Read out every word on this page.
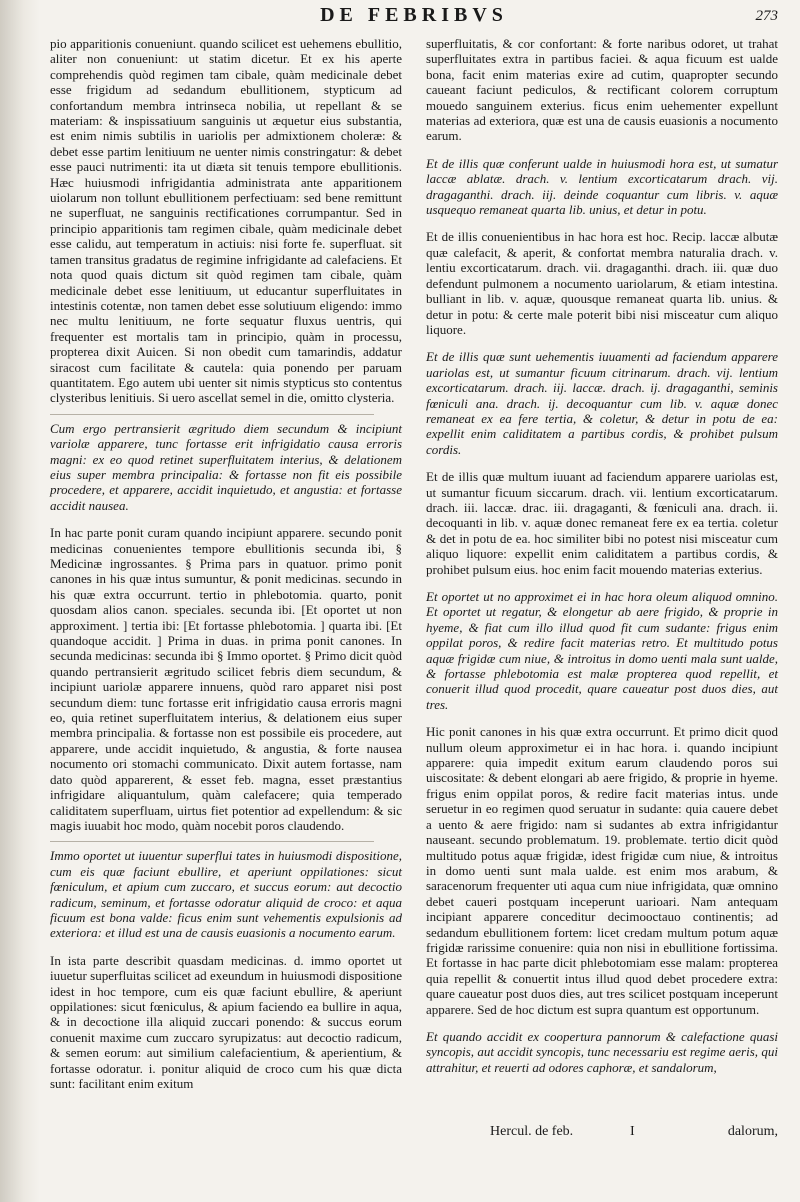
DE FEBRIBVS	273

pio apparitionis conueniunt. quando scilicet est uehemens ebullitio, aliter non conueniunt: ut statim dicetur. Et ex his aperte comprehendis quòd regimen tam cibale, quàm medicinale debet esse frigidum ad sedandum ebullitionem, stypticum ad confortandum membra intrinseca nobilia, ut repellant & se materiam: & inspissatiuum sanguinis ut æquetur eius substantia, est enim nimis subtilis in uariolis per admixtionem choleræ: & debet esse partim lenitiuum ne uenter nimis constringatur: & debet esse pauci nutrimenti: ita ut diæta sit tenuis tempore ebullitionis. Hæc huiusmodi infrigidantia administrata ante apparitionem uiolarum non tollunt ebullitionem perfectiuam: sed bene remittunt ne superfluat, ne sanguinis rectificationes corrumpantur. Sed in principio apparitionis tam regimen cibale, quàm medicinale debet esse calidu, aut temperatum in actiuis: nisi forte fe. superfluat. sit tamen transitus gradatus de regimine infrigidante ad calefaciens. Et nota quod quais dictum sit quòd regimen tam cibale, quàm medicinale debet esse lenitiuum, ut educantur superfluitates in intestinis cotentæ, non tamen debet esse solutiuum eligendo: immo nec multu lenitiuum, ne forte sequatur fluxus uentris, qui frequenter est mortalis tam in principio, quàm in processu, propterea dixit Auicen. Si non obedit cum tamarindis, addatur siracost cum facilitate & cautela: quia ponendo per paruam quantitatem. Ego autem ubi uenter sit nimis stypticus sto contentus clysteribus lenitiuis. Si uero ascellat semel in die, omitto clysteria.

Cum ergo pertransierit ægritudo diem secundum & incipiunt variolæ apparere, tunc fortasse erit infrigidatio causa erroris magni: ex eo quod retinet superfluitatem interius, & delationem eius super membra principalia: & fortasse non fit eis possibile procedere, et apparere, accidit inquietudo, et angustia: et fortasse accidit nausea.

In hac parte ponit curam quando incipiunt apparere. secundo ponit medicinas conuenientes tempore ebullitionis secunda ibi, § Medicinæ ingrossantes. § Prima pars in quatuor. primo ponit canones in his quæ intus sumuntur, & ponit medicinas. secundo in his quæ extra occurrunt. tertio in phlebotomia. quarto, ponit quosdam alios canon. speciales. secunda ibi. [Et oportet ut non approximent. ] tertia ibi: [Et fortasse phlebotomia. ] quarta ibi. [Et quandoque accidit. ] Prima in duas. in prima ponit canones. In secunda medicinas: secunda ibi § Immo oportet. § Primo dicit quòd quando pertransierit ægritudo scilicet febris diem secundum, & incipiunt uariolæ apparere innuens, quòd raro apparet nisi post secundum diem: tunc fortasse erit infrigidatio causa erroris magni eo, quia retinet superfluitatem interius, & delationem eius super membra principalia. & fortasse non est possibile eis procedere, aut apparere, unde accidit inquietudo, & angustia, & forte nausea nocumento ori stomachi communicato. Dixit autem fortasse, nam dato quòd apparerent, & esset feb. magna, esset præstantius infrigidare aliquantulum, quàm calefacere; quia temperado caliditatem superfluam, uirtus fiet potentior ad expellendum: & sic magis iuuabit hoc modo, quàm nocebit poros claudendo.

Immo oportet ut iuuentur superflui tates in huiusmodi dispositione, cum eis quæ faciunt ebullire, et aperiunt oppilationes: sicut fœniculum, et apium cum zuccaro, et succus eorum: aut decoctio radicum, seminum, et fortasse odoratur aliquid de croco: et aqua ficuum est bona valde: ficus enim sunt vehementis expulsionis ad exteriora: et illud est una de causis euasionis a nocumento earum.

In ista parte describit quasdam medicinas. d. immo oportet ut iuuetur superfluitas scilicet ad exeundum in huiusmodi dispositione idest in hoc tempore, cum eis quæ faciunt ebullire, & aperiunt oppilationes: sicut fœniculus, & apium faciendo ea bullire in aqua, & in decoctione illa aliquid zuccari ponendo: & succus eorum conuenit maxime cum zuccaro syrupizatus: aut decoctio radicum, & semen eorum: aut similium calefacientium, & aperientium, & fortasse odoratur. i. ponitur aliquid de croco cum his quæ dicta sunt: facilitant enim exitum

superfluitatis, & cor confortant: & forte naribus odoret, ut trahat superfluitates extra in partibus faciei. & aqua ficuum est ualde bona, facit enim materias exire ad cutim, quapropter secundo caueant faciunt pediculos, & rectificant colorem corruptum mouedo sanguinem exterius. ficus enim uehementer expellunt materias ad exteriora, quæ est una de causis euasionis a nocumento earum.

Et de illis quæ conferunt ualde in huiusmodi hora est, ut sumatur laccæ ablatæ. drach. v. lentium excorticatarum drach. vij. dragaganthi. drach. iij. deinde coquantur cum libris. v. aquæ usquequo remaneat quarta lib. unius, et detur in potu.

Et de illis conuenientibus in hac hora est hoc. Recip. laccæ albutæ quæ calefacit, & aperit, & confortat membra naturalia drach. v. lentiu excorticatarum. drach. vii. dragaganthi. drach. iii. quæ duo defendunt pulmonem a nocumento uariolarum, & etiam intestina. bulliant in lib. v. aquæ, quousque remaneat quarta lib. unius. & detur in potu: & certe male poterit bibi nisi misceatur cum aliquo liquore.

Et de illis quæ sunt uehementis iuuamenti ad faciendum apparere uariolas est, ut sumantur ficuum citrinarum. drach. vij. lentium excorticatarum. drach. iij. laccæ. drach. ij. dragaganthi, seminis fœniculi ana. drach. ij. decoquantur cum lib. v. aquæ donec remaneat ex ea fere tertia, & coletur, & detur in potu de ea: expellit enim caliditatem a partibus cordis, & prohibet pulsum cordis.

Et de illis quæ multum iuuant ad faciendum apparere uariolas est, ut sumantur ficuum siccarum. drach. vii. lentium excorticatarum. drach. iii. laccæ. drac. iii. dragaganti, & fœniculi ana. drach. ii. decoquanti in lib. v. aquæ donec remaneat fere ex ea tertia. coletur & det in potu de ea. hoc similiter bibi no potest nisi misceatur cum aliquo liquore: expellit enim caliditatem a partibus cordis, & prohibet pulsum eius. hoc enim facit mouendo materias exterius.

Et oportet ut no approximet ei in hac hora oleum aliquod omnino. Et oportet ut regatur, & elongetur ab aere frigido, & proprie in hyeme, & fiat cum illo illud quod fit cum sudante: frigus enim oppilat poros, & redire facit materias retro. Et multitudo potus aquæ frigidæ cum niue, & introitus in domo uenti mala sunt ualde, & fortasse phlebotomia est malæ propterea quod repellit, et conuerit illud quod procedit, quare caueatur post duos dies, aut tres.

Hic ponit canones in his quæ extra occurrunt. Et primo dicit quod nullum oleum approximetur ei in hac hora. i. quando incipiunt apparere: quia impedit exitum earum claudendo poros sui uiscositate: & debent elongari ab aere frigido, & proprie in hyeme. frigus enim oppilat poros, & redire facit materias intus. unde seruetur in eo regimen quod seruatur in sudante: quia cauere debet a uento & aere frigido: nam si sudantes ab extra infrigidantur nauseant. secundo problematum. 19. problemate. tertio dicit quòd multitudo potus aquæ frigidæ, idest frigidæ cum niue, & introitus in domo uenti sunt mala ualde. est enim mos arabum, & saracenorum frequenter uti aqua cum niue infrigidata, quæ omnino debet caueri postquam inceperunt uarioari. Nam antequam incipiant apparere conceditur decimooctauo continentis; ad sedandum ebullitionem fortem: licet credam multum potum aquæ frigidæ rarissime conuenire: quia non nisi in ebullitione fortissima. Et fortasse in hac parte dicit phlebotomiam esse malam: propterea quia repellit & conuertit intus illud quod debet procedere extra: quare caueatur post duos dies, aut tres scilicet postquam inceperunt apparere. Sed de hoc dictum est supra quantum est opportunum.

Et quando accidit ex coopertura pannorum & calefactione quasi syncopis, aut accidit syncopis, tunc necessariu est regime aeris, qui attrahitur, et reuerti ad odores caphoræ, et sandalorum,

Hercul. de feb.	I	dalorum,
